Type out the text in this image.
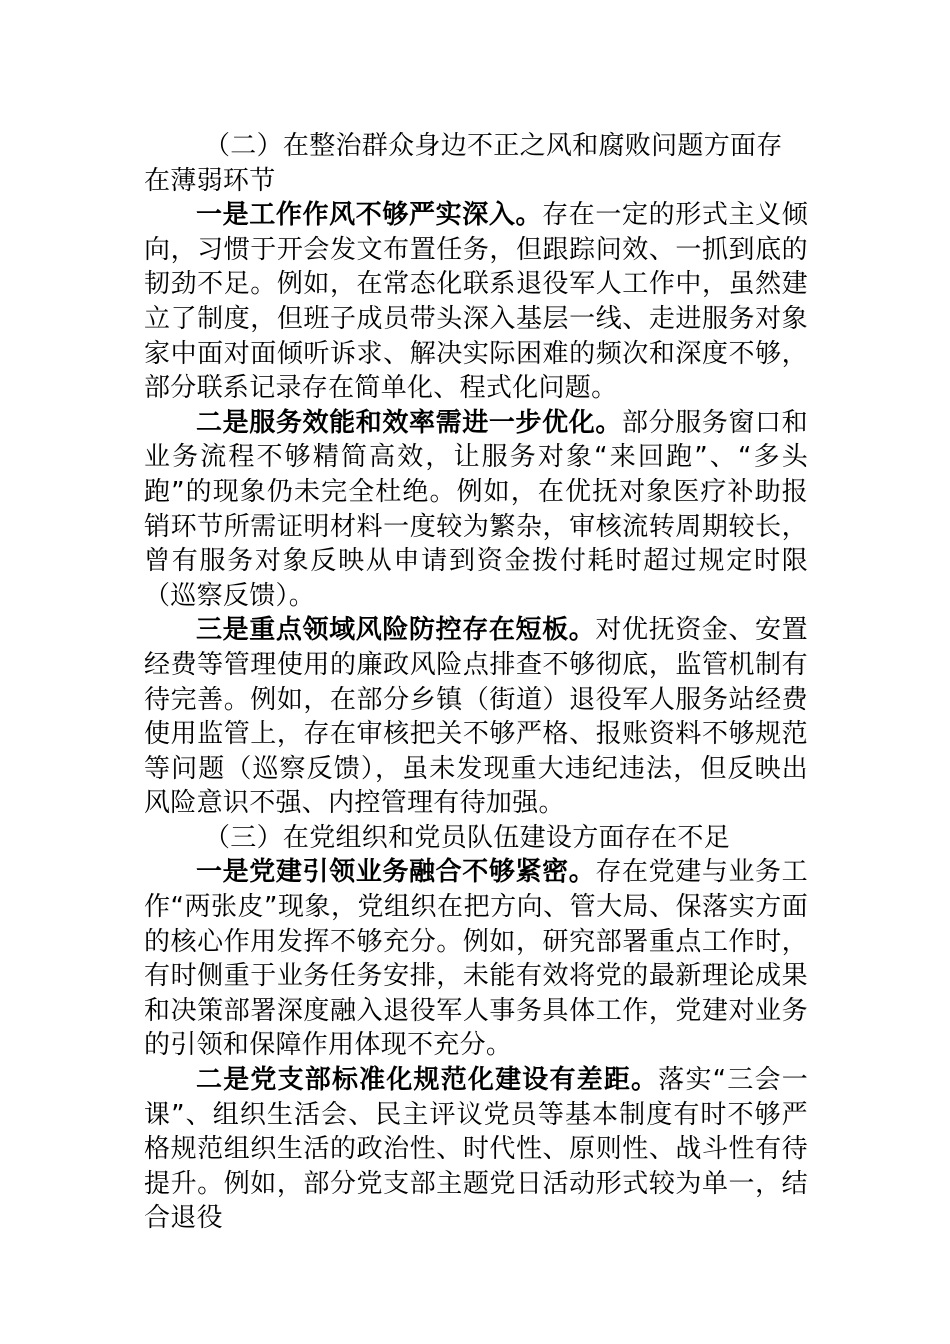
（二）在整治群众身边不正之风和腐败问题方面存在薄弱环节

一是工作作风不够严实深入。存在一定的形式主义倾向，习惯于开会发文布置任务，但跟踪问效、一抓到底的韧劲不足。例如，在常态化联系退役军人工作中，虽然建立了制度，但班子成员带头深入基层一线、走进服务对象家中面对面倾听诉求、解决实际困难的频次和深度不够，部分联系记录存在简单化、程式化问题。

二是服务效能和效率需进一步优化。部分服务窗口和业务流程不够精简高效，让服务对象“来回跑”、“多头跑”的现象仍未完全杜绝。例如，在优抚对象医疗补助报销环节所需证明材料一度较为繁杂，审核流转周期较长，曾有服务对象反映从申请到资金拨付耗时超过规定时限（巡察反馈）。

三是重点领域风险防控存在短板。对优抚资金、安置经费等管理使用的廉政风险点排查不够彻底，监管机制有待完善。例如，在部分乡镇（街道）退役军人服务站经费使用监管上，存在审核把关不够严格、报账资料不够规范等问题（巡察反馈），虽未发现重大违纪违法，但反映出风险意识不强、内控管理有待加强。

（三）在党组织和党员队伍建设方面存在不足

一是党建引领业务融合不够紧密。存在党建与业务工作“两张皮”现象，党组织在把方向、管大局、保落实方面的核心作用发挥不够充分。例如，研究部署重点工作时，有时侧重于业务任务安排，未能有效将党的最新理论成果和决策部署深度融入退役军人事务具体工作，党建对业务的引领和保障作用体现不充分。

二是党支部标准化规范化建设有差距。落实“三会一课”、组织生活会、民主评议党员等基本制度有时不够严格规范组织生活的政治性、时代性、原则性、战斗性有待提升。例如，部分党支部主题党日活动形式较为单一，结合退役
